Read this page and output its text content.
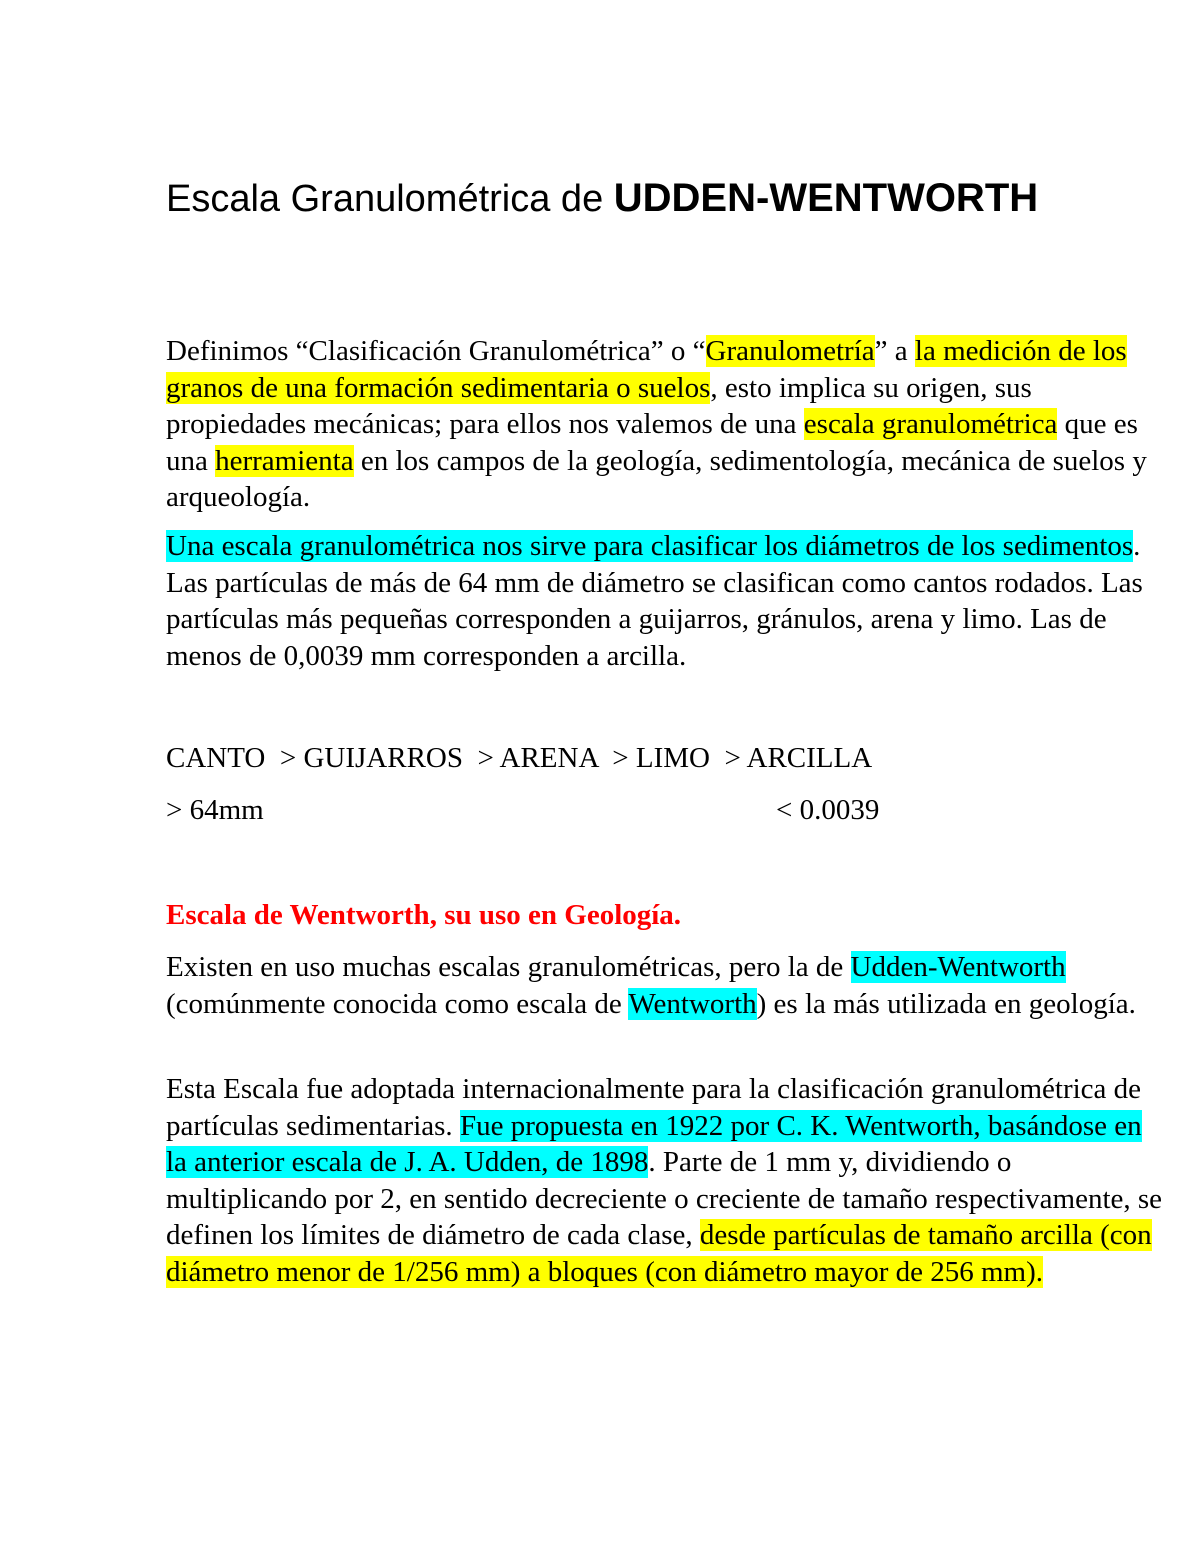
Escala Granulométrica de UDDEN-WENTWORTH

Definimos “Clasificación Granulométrica” o “Granulometría” a la medición de los granos de una formación sedimentaria o suelos, esto implica su origen, sus propiedades mecánicas; para ellos nos valemos de una escala granulométrica que es una herramienta en los campos de la geología, sedimentología, mecánica de suelos y arqueología.

Una escala granulométrica nos sirve para clasificar los diámetros de los sedimentos. Las partículas de más de 64 mm de diámetro se clasifican como cantos rodados. Las partículas más pequeñas corresponden a guijarros, gránulos, arena y limo. Las de menos de 0,0039 mm corresponden a arcilla.

CANTO  > GUIJARROS  > ARENA  > LIMO  > ARCILLA

> 64mm	< 0.0039

Escala de Wentworth, su uso en Geología.

Existen en uso muchas escalas granulométricas, pero la de Udden-Wentworth (comúnmente conocida como escala de Wentworth) es la más utilizada en geología.

Esta Escala fue adoptada internacionalmente para la clasificación granulométrica de partículas sedimentarias. Fue propuesta en 1922 por C. K. Wentworth, basándose en la anterior escala de J. A. Udden, de 1898. Parte de 1 mm y, dividiendo o multiplicando por 2, en sentido decreciente o creciente de tamaño respectivamente, se definen los límites de diámetro de cada clase, desde partículas de tamaño arcilla (con diámetro menor de 1/256 mm) a bloques (con diámetro mayor de 256 mm).
